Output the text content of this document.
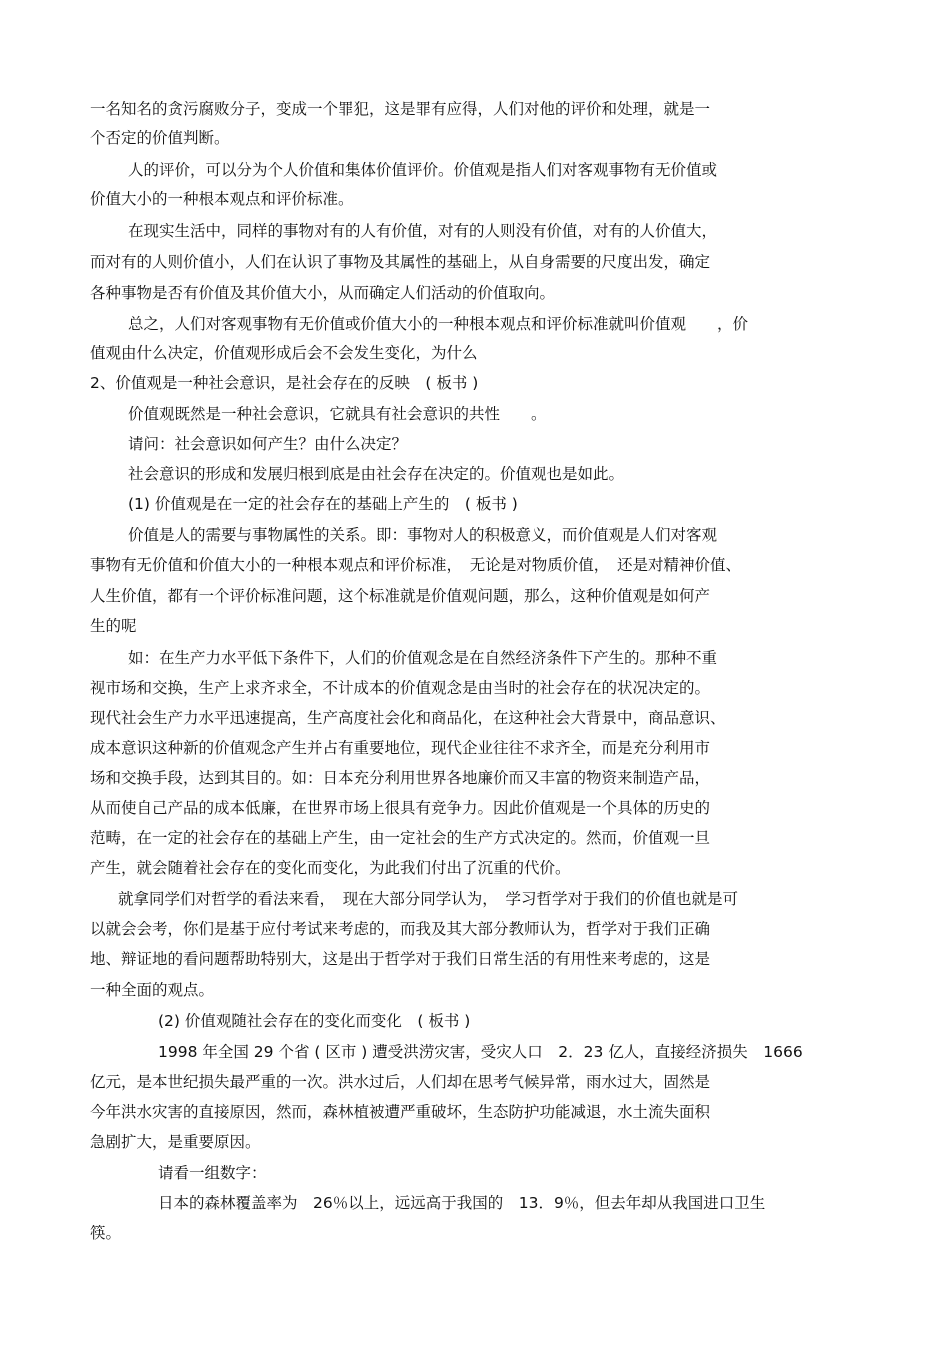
一名知名的贪污腐败分子，变成一个罪犯，这是罪有应得，人们对他的评价和处理，就是一
个否定的价值判断。
人的评价，可以分为个人价值和集体价值评价。价值观是指人们对客观事物有无价值或
价值大小的一种根本观点和评价标准。
在现实生活中，同样的事物对有的人有价值，对有的人则没有价值，对有的人价值大，
而对有的人则价值小，人们在认识了事物及其属性的基础上，从自身需要的尺度出发，确定
各种事物是否有价值及其价值大小，从而确定人们活动的价值取向。
总之，人们对客观事物有无价值或价值大小的一种根本观点和评价标准就叫价值观　　，价
值观由什么决定，价值观形成后会不会发生变化，为什么
2、价值观是一种社会意识，是社会存在的反映　( 板书 )
价值观既然是一种社会意识，它就具有社会意识的共性　　。
请问：社会意识如何产生？由什么决定？
社会意识的形成和发展归根到底是由社会存在决定的。价值观也是如此。
(1) 价值观是在一定的社会存在的基础上产生的　( 板书 )
价值是人的需要与事物属性的关系。即：事物对人的积极意义，而价值观是人们对客观
事物有无价值和价值大小的一种根本观点和评价标准，　无论是对物质价值，　还是对精神价值、
人生价值，都有一个评价标准问题，这个标准就是价值观问题，那么，这种价值观是如何产
生的呢
如：在生产力水平低下条件下，人们的价值观念是在自然经济条件下产生的。那种不重
视市场和交换，生产上求齐求全，不计成本的价值观念是由当时的社会存在的状况决定的。
现代社会生产力水平迅速提高，生产高度社会化和商品化，在这种社会大背景中，商品意识、
成本意识这种新的价值观念产生并占有重要地位，现代企业往往不求齐全，而是充分利用市
场和交换手段，达到其目的。如：日本充分利用世界各地廉价而又丰富的物资来制造产品，
从而使自己产品的成本低廉，在世界市场上很具有竞争力。因此价值观是一个具体的历史的
范畴，在一定的社会存在的基础上产生，由一定社会的生产方式决定的。然而，价值观一旦
产生，就会随着社会存在的变化而变化，为此我们付出了沉重的代价。
就拿同学们对哲学的看法来看，　现在大部分同学认为，　学习哲学对于我们的价值也就是可
以就会会考，你们是基于应付考试来考虑的，而我及其大部分教师认为，哲学对于我们正确
地、辩证地的看问题帮助特别大，这是出于哲学对于我们日常生活的有用性来考虑的，这是
一种全面的观点。
(2) 价值观随社会存在的变化而变化　( 板书 )
1998 年全国 29 个省 ( 区市 ) 遭受洪涝灾害，受灾人口　2．23 亿人，直接经济损失　1666
亿元，是本世纪损失最严重的一次。洪水过后，人们却在思考气候异常，雨水过大，固然是
今年洪水灾害的直接原因，然而，森林植被遭严重破坏，生态防护功能减退，水土流失面积
急剧扩大，是重要原因。
请看一组数字：
日本的森林覆盖率为　26％以上，远远高于我国的　13．9％，但去年却从我国进口卫生
筷。
